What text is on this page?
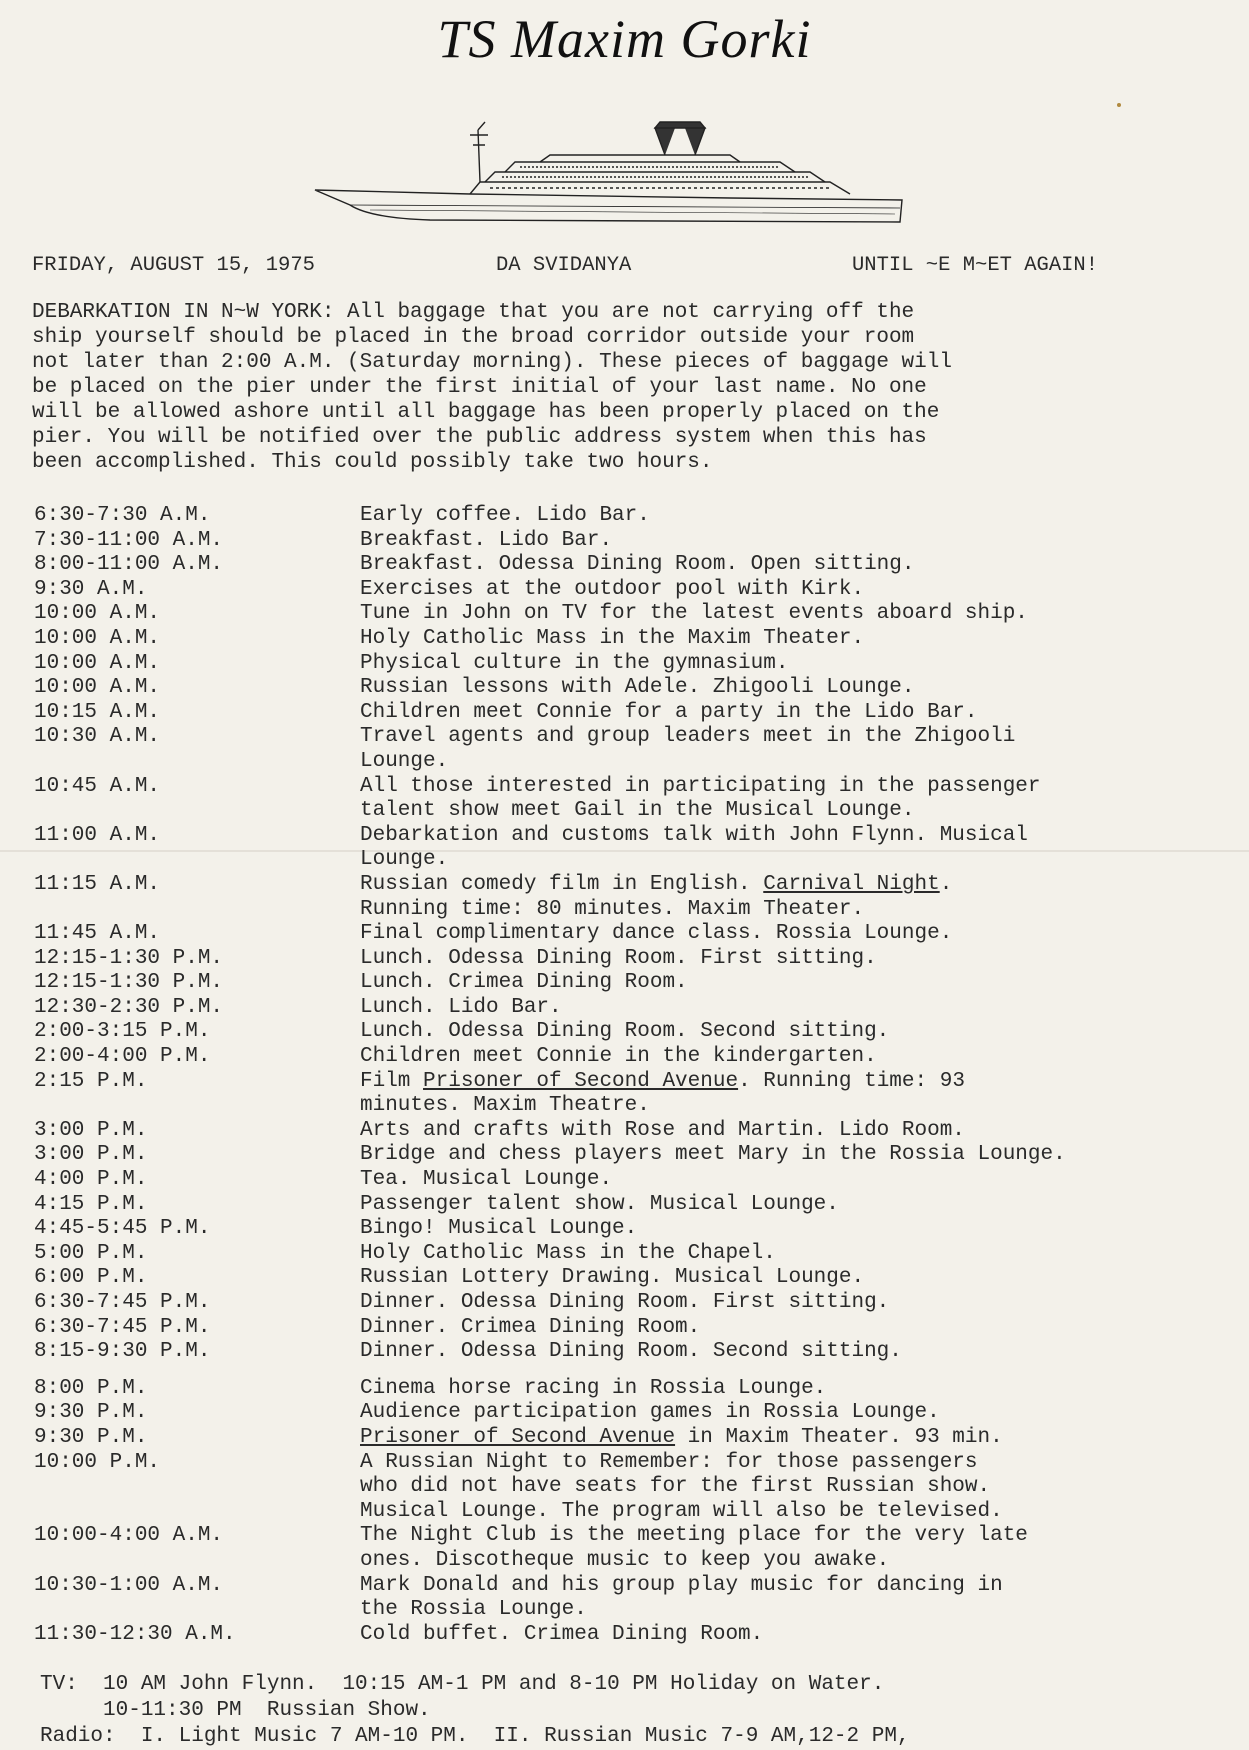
TS Maxim Gorki
FRIDAY, AUGUST 15, 1975	DA SVIDANYA	UNTIL ~E M~ET AGAIN!
DEBARKATION IN N~W YORK: All baggage that you are not carrying off the
ship yourself should be placed in the broad corridor outside your room
not later than 2:00 A.M. (Saturday morning). These pieces of baggage will
be placed on the pier under the first initial of your last name. No one
will be allowed ashore until all baggage has been properly placed on the
pier. You will be notified over the public address system when this has
been accomplished. This could possibly take two hours.
6:30-7:30 A.M.	Early coffee. Lido Bar.
7:30-11:00 A.M.	Breakfast. Lido Bar.
8:00-11:00 A.M.	Breakfast. Odessa Dining Room. Open sitting.
9:30 A.M.	Exercises at the outdoor pool with Kirk.
10:00 A.M.	Tune in John on TV for the latest events aboard ship.
10:00 A.M.	Holy Catholic Mass in the Maxim Theater.
10:00 A.M.	Physical culture in the gymnasium.
10:00 A.M.	Russian lessons with Adele. Zhigooli Lounge.
10:15 A.M.	Children meet Connie for a party in the Lido Bar.
10:30 A.M.	Travel agents and group leaders meet in the Zhigooli
Lounge.
10:45 A.M.	All those interested in participating in the passenger
talent show meet Gail in the Musical Lounge.
11:00 A.M.	Debarkation and customs talk with John Flynn. Musical
Lounge.
11:15 A.M.	Russian comedy film in English. Carnival Night.
Running time: 80 minutes. Maxim Theater.
11:45 A.M.	Final complimentary dance class. Rossia Lounge.
12:15-1:30 P.M.	Lunch. Odessa Dining Room. First sitting.
12:15-1:30 P.M.	Lunch. Crimea Dining Room.
12:30-2:30 P.M.	Lunch. Lido Bar.
2:00-3:15 P.M.	Lunch. Odessa Dining Room. Second sitting.
2:00-4:00 P.M.	Children meet Connie in the kindergarten.
2:15 P.M.	Film Prisoner of Second Avenue. Running time: 93
minutes. Maxim Theatre.
3:00 P.M.	Arts and crafts with Rose and Martin. Lido Room.
3:00 P.M.	Bridge and chess players meet Mary in the Rossia Lounge.
4:00 P.M.	Tea. Musical Lounge.
4:15 P.M.	Passenger talent show. Musical Lounge.
4:45-5:45 P.M.	Bingo! Musical Lounge.
5:00 P.M.	Holy Catholic Mass in the Chapel.
6:00 P.M.	Russian Lottery Drawing. Musical Lounge.
6:30-7:45 P.M.	Dinner. Odessa Dining Room. First sitting.
6:30-7:45 P.M.	Dinner. Crimea Dining Room.
8:15-9:30 P.M.	Dinner. Odessa Dining Room. Second sitting.
8:00 P.M.	Cinema horse racing in Rossia Lounge.
9:30 P.M.	Audience participation games in Rossia Lounge.
9:30 P.M.	Prisoner of Second Avenue in Maxim Theater. 93 min.
10:00 P.M.	A Russian Night to Remember: for those passengers
who did not have seats for the first Russian show.
Musical Lounge. The program will also be televised.
10:00-4:00 A.M.	The Night Club is the meeting place for the very late
ones. Discotheque music to keep you awake.
10:30-1:00 A.M.	Mark Donald and his group play music for dancing in
the Rossia Lounge.
11:30-12:30 A.M.	Cold buffet. Crimea Dining Room.
TV:  10 AM John Flynn.  10:15 AM-1 PM and 8-10 PM Holiday on Water.
10-11:30 PM  Russian Show.
Radio:  I. Light Music 7 AM-10 PM.  II. Russian Music 7-9 AM,12-2 PM,
